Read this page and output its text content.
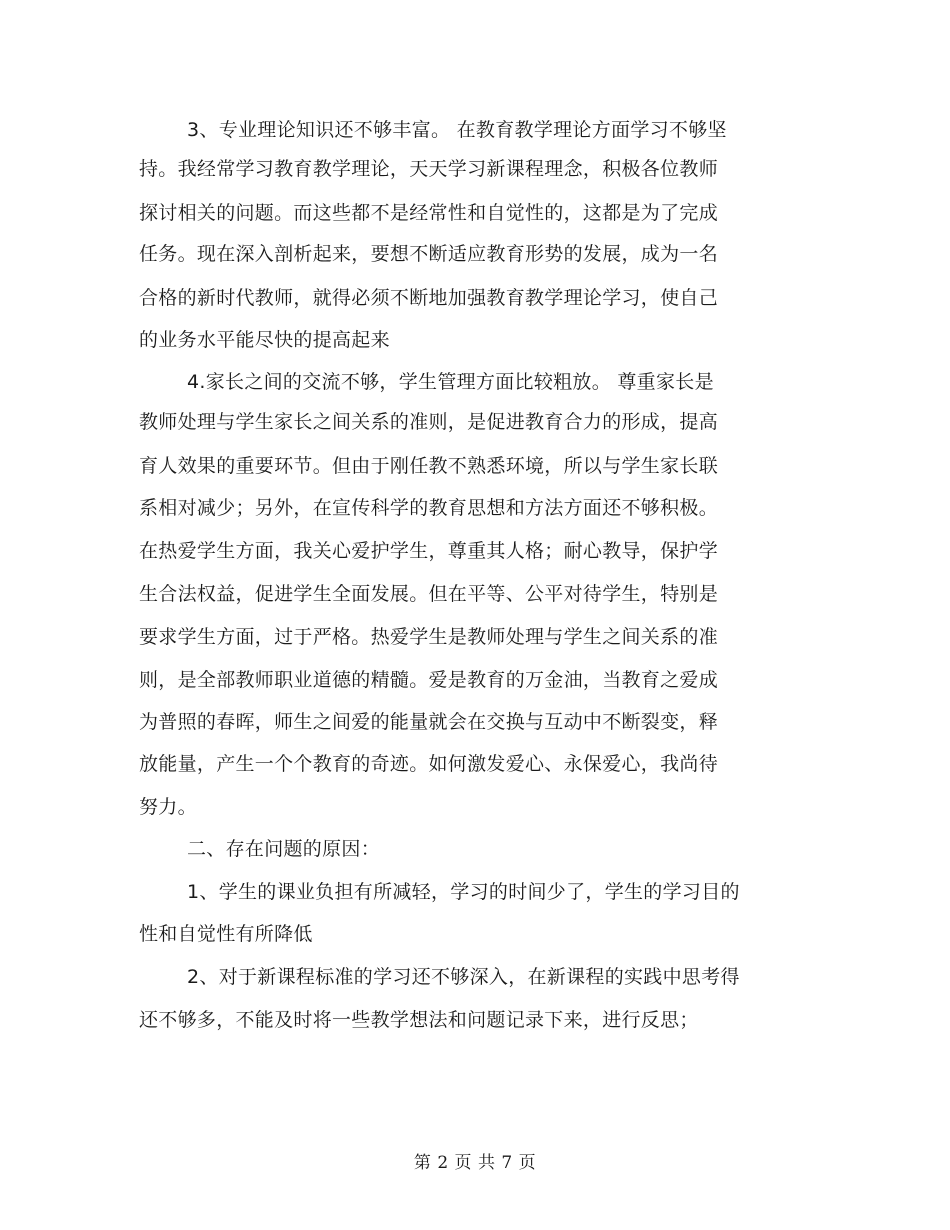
3、专业理论知识还不够丰富。 在教育教学理论方面学习不够坚
持。我经常学习教育教学理论，天天学习新课程理念，积极各位教师
探讨相关的问题。而这些都不是经常性和自觉性的，这都是为了完成
任务。现在深入剖析起来，要想不断适应教育形势的发展，成为一名
合格的新时代教师，就得必须不断地加强教育教学理论学习，使自己
的业务水平能尽快的提高起来
4.家长之间的交流不够，学生管理方面比较粗放。 尊重家长是
教师处理与学生家长之间关系的准则，是促进教育合力的形成，提高
育人效果的重要环节。但由于刚任教不熟悉环境，所以与学生家长联
系相对减少；另外，在宣传科学的教育思想和方法方面还不够积极。
在热爱学生方面，我关心爱护学生，尊重其人格；耐心教导，保护学
生合法权益，促进学生全面发展。但在平等、公平对待学生，特别是
要求学生方面，过于严格。热爱学生是教师处理与学生之间关系的准
则，是全部教师职业道德的精髓。爱是教育的万金油，当教育之爱成
为普照的春晖，师生之间爱的能量就会在交换与互动中不断裂变，释
放能量，产生一个个教育的奇迹。如何激发爱心、永保爱心，我尚待
努力。
二、存在问题的原因：
1、学生的课业负担有所减轻，学习的时间少了，学生的学习目的
性和自觉性有所降低
2、对于新课程标准的学习还不够深入，在新课程的实践中思考得
还不够多，不能及时将一些教学想法和问题记录下来，进行反思；
第 2 页 共 7 页
